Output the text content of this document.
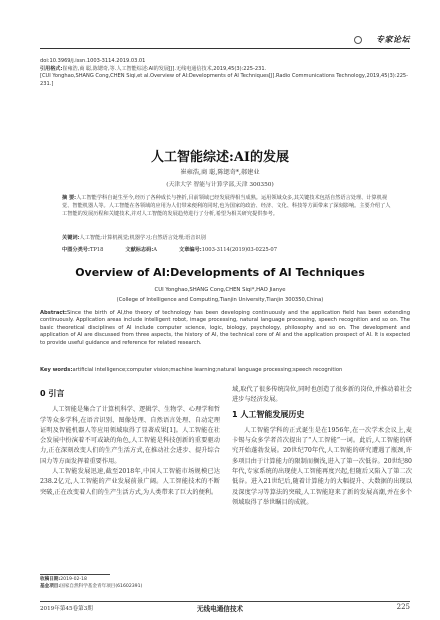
专家论坛
doi:10.3969/j.issn.1003-3114.2019.03.01
引用格式:崔雍浩,商 聪,陈锶奇,等.人工智能综述:AI的发展[J].无线电通信技术,2019,45(3):225-231.
[CUI Yonghao,SHANG Cong,CHEN Siqi,et al.Overview of AI:Developments of AI Techniques[J].Radio Communications Technology,2019,45(3):225-231.]
人工智能综述:AI的发展
崔雍浩,商 聪,陈锶奇*,郝建业
(天津大学 智能与计算学部,天津 300350)
摘 要:人工智能学科自诞生至今,经历了各种成长与挫折,目前领域已经发展得相当成熟。运用领域众多,其关键技术包括自然语言处理、计算机视觉、智能机器人等。人工智能在各领域的应用为人们带来便利的同时,也为国家的政治、经济、文化、科技等方面带来了深刻影响。主要介绍了人工智能的发展历程和关键技术,并对人工智能的发展趋势进行了分析,希望为相关研究提供参考。
关键词:人工智能;计算机视觉;机器学习;自然语言处理;语音识别
中图分类号:TP18	文献标志码:A	文章编号:1003-3114(2019)03-0225-07
Overview of AI:Developments of AI Techniques
CUI Yonghao,SHANG Cong,CHEN Siqi*,HAO Jianye
(College of Intelligence and Computing,Tianjin University,Tianjin 300350,China)
Abstract:Since the birth of AI,the theory of technology has been developing continuously and the application field has been extending continuously. Application areas include intelligent robot, image processing, natural language processing, speech recognition and so on. The basic theoretical disciplines of AI include computer science, logic, biology, psychology, philosophy and so on. The development and application of AI are discussed from three aspects, the history of AI, the technical core of AI and the application prospect of AI. It is expected to provide useful guidance and reference for related research.
Key words:artificial intelligence;computer vision;machine learning;natural language processing;speech recognition
0 引言

人工智能是集合了计算机科学、逻辑学、生物学、心理学和哲学等众多学科,在语音识别、图像处理、自然语言处理、自动定理证明及智能机器人等应用领域取得了显著成果[1]。人工智能在社会发展中扮演着不可或缺的角色,人工智能是科技创新的重要驱动力,正在深刻改变人们的生产生活方式,在推动社会进步、提升综合国力等方面发挥着重要作用。

人工智能发展迅速,截至2018年,中国人工智能市场规模已达238.2亿元,人工智能的产业发展前景广阔。人工智能技术的不断突破,正在改变着人们的生产生活方式,为人类带来了巨大的便利。

域,取代了很多传统岗位,同时也创造了很多新的岗位,并推动着社会进步与经济发展。

1 人工智能发展历史

人工智能学科的正式诞生是在1956年,在一次学术会议上,麦卡锡与众多学者首次提出了“人工智能”一词。此后,人工智能的研究开始蓬勃发展。20世纪70年代,人工智能的研究遭遇了瓶颈,许多项目由于计算能力的限制而搁浅,进入了第一次低谷。20世纪80年代,专家系统的出现使人工智能再度兴起,但随后又陷入了第二次低谷。进入21世纪后,随着计算能力的大幅提升、大数据的出现以及深度学习等算法的突破,人工智能迎来了新的发展高潮,并在多个领域取得了举世瞩目的成就。

收稿日期:2019-02-18
基金项目:国家自然科学基金青年项目(61602391)
2019年第45卷第3期	无线电通信技术	225
